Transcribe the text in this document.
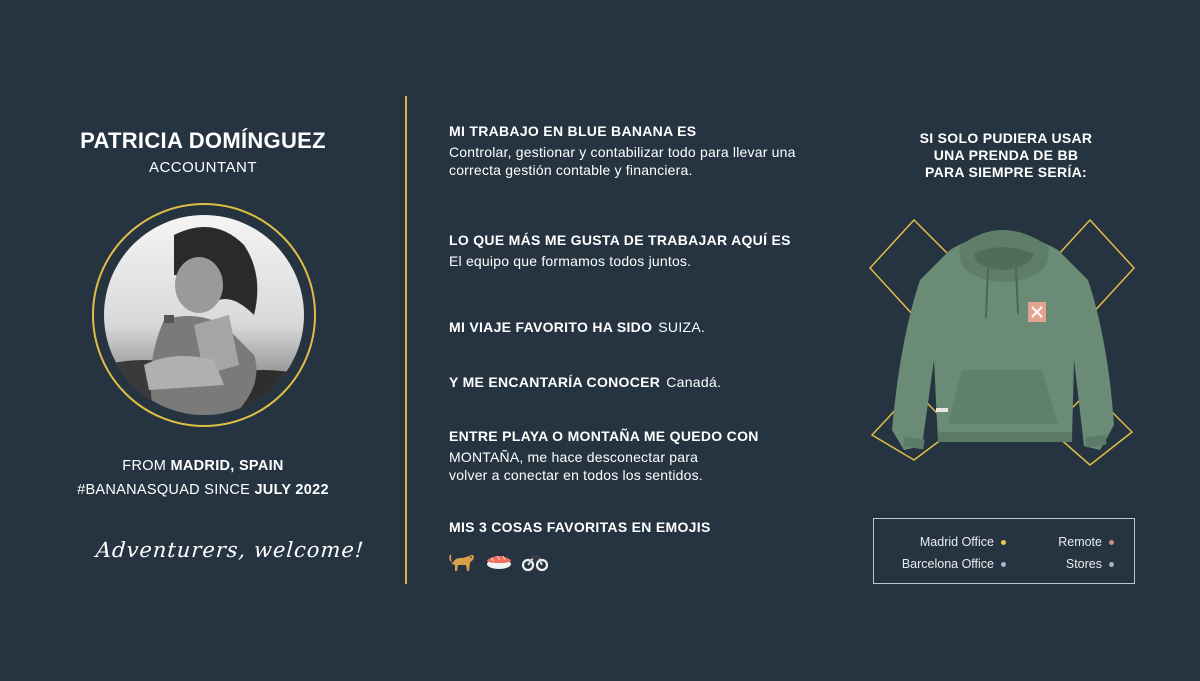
PATRICIA DOMÍNGUEZ
ACCOUNTANT
FROM MADRID, SPAIN
#BANANASQUAD SINCE JULY 2022
Adventurers, welcome!
MI TRABAJO EN BLUE BANANA ES
Controlar, gestionar y contabilizar todo para llevar una correcta gestión contable y financiera.
LO QUE MÁS ME GUSTA DE TRABAJAR AQUÍ ES
El equipo que formamos todos juntos.
MI VIAJE FAVORITO HA SIDO SUIZA.
Y ME ENCANTARÍA CONOCER Canadá.
ENTRE PLAYA O MONTAÑA ME QUEDO CON
MONTAÑA, me hace desconectar para volver a conectar en todos los sentidos.
MIS 3 COSAS FAVORITAS EN EMOJIS
SI SOLO PUDIERA USAR
UNA PRENDA DE BB
PARA SIEMPRE SERÍA:
Madrid Office	Remote
Barcelona Office	Stores
